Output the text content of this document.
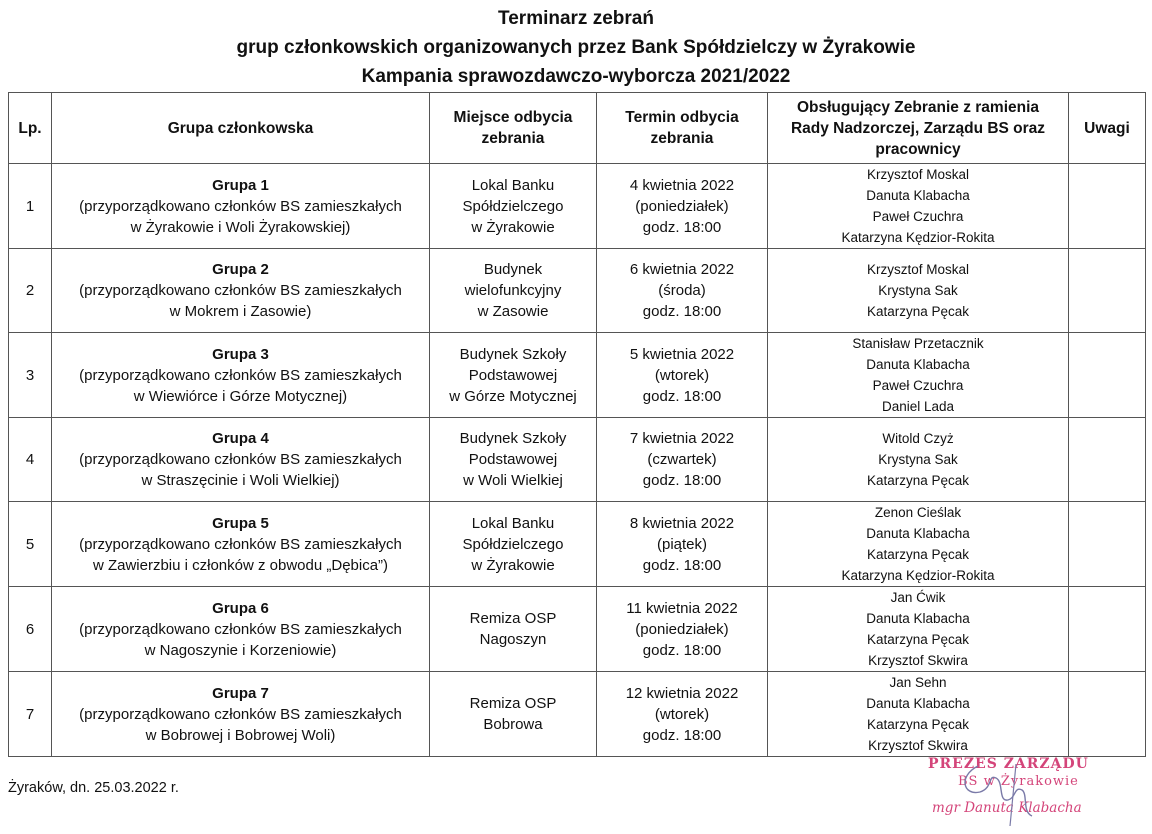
Terminarz zebrań
grup członkowskich organizowanych przez Bank Spółdzielczy w Żyrakowie
Kampania sprawozdawczo-wyborcza 2021/2022
Lp.	Grupa członkowska	Miejsce odbycia
zebrania	Termin odbycia
zebrania	Obsługujący Zebranie z ramienia
Rady Nadzorczej, Zarządu BS oraz
pracownicy	Uwagi
1	Grupa 1
(przyporządkowano członków BS zamieszkałych
w Żyrakowie i Woli Żyrakowskiej)	Lokal Banku
Spółdzielczego
w Żyrakowie	4 kwietnia 2022
(poniedziałek)
godz. 18:00	Krzysztof Moskal
Danuta Klabacha
Paweł Czuchra
Katarzyna Kędzior-Rokita	

2	Grupa 2
(przyporządkowano członków BS zamieszkałych
w Mokrem i Zasowie)	Budynek
wielofunkcyjny
w Zasowie	6 kwietnia 2022
(środa)
godz. 18:00	Krzysztof Moskal
Krystyna Sak
Katarzyna Pęcak	

3	Grupa 3
(przyporządkowano członków BS zamieszkałych
w Wiewiórce i Górze Motycznej)	Budynek Szkoły
Podstawowej
w Górze Motycznej	5 kwietnia 2022
(wtorek)
godz. 18:00	Stanisław Przetacznik
Danuta Klabacha
Paweł Czuchra
Daniel Lada	

4	Grupa 4
(przyporządkowano członków BS zamieszkałych
w Straszęcinie i Woli Wielkiej)	Budynek Szkoły
Podstawowej
w Woli Wielkiej	7 kwietnia 2022
(czwartek)
godz. 18:00	Witold Czyż
Krystyna Sak
Katarzyna Pęcak	

5	Grupa 5
(przyporządkowano członków BS zamieszkałych
w Zawierzbiu i członków z obwodu „Dębica”)	Lokal Banku
Spółdzielczego
w Żyrakowie	8 kwietnia 2022
(piątek)
godz. 18:00	Zenon Cieślak
Danuta Klabacha
Katarzyna Pęcak
Katarzyna Kędzior-Rokita	

6	Grupa 6
(przyporządkowano członków BS zamieszkałych
w Nagoszynie i Korzeniowie)	Remiza OSP
Nagoszyn	11 kwietnia 2022
(poniedziałek)
godz. 18:00	Jan Ćwik
Danuta Klabacha
Katarzyna Pęcak
Krzysztof Skwira	

7	Grupa 7
(przyporządkowano członków BS zamieszkałych
w Bobrowej i Bobrowej Woli)	Remiza OSP
Bobrowa	12 kwietnia 2022
(wtorek)
godz. 18:00	Jan Sehn
Danuta Klabacha
Katarzyna Pęcak
Krzysztof Skwira	

Żyraków, dn. 25.03.2022 r.
PREZES ZARZĄDU
BS w Żyrakowie
mgr Danuta Klabacha
